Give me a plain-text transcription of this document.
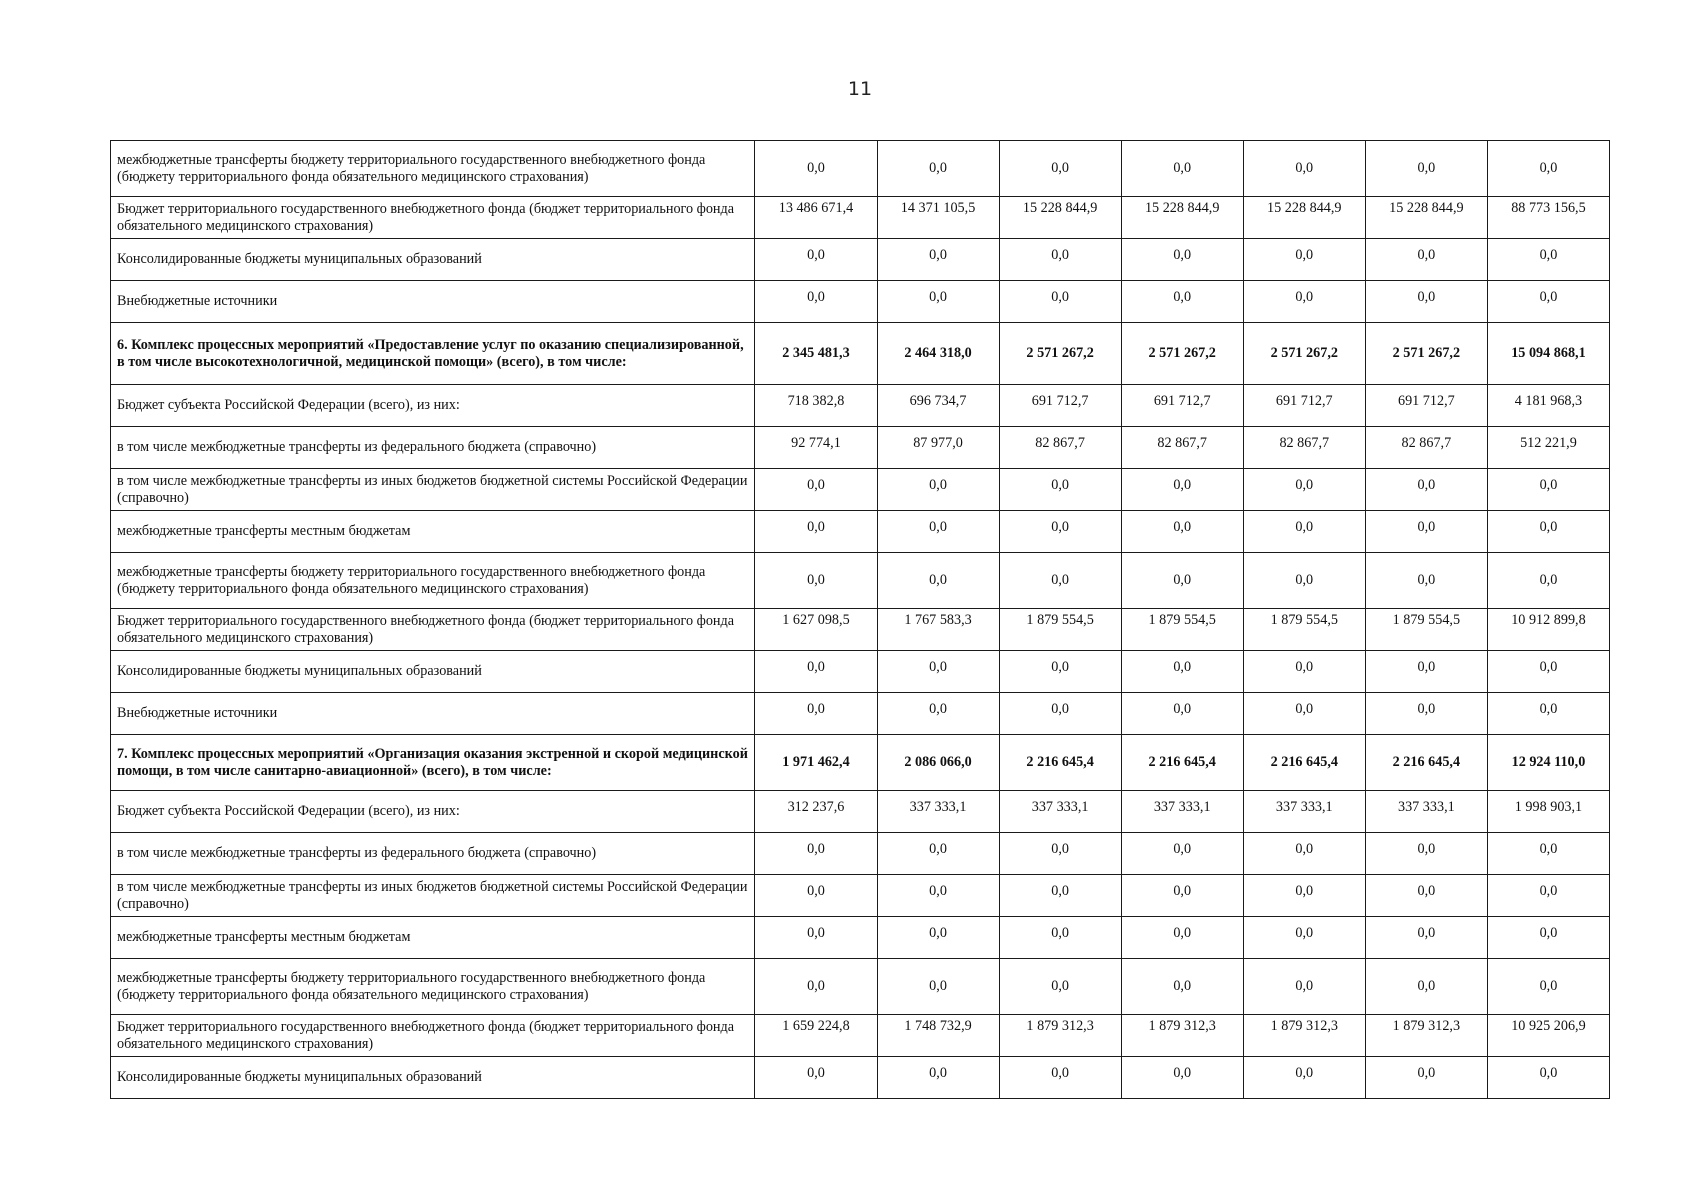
11
межбюджетные трансферты бюджету территориального государственного внебюджетного фонда (бюджету территориального фонда обязательного медицинского страхования)	0,0	0,0	0,0	0,0	0,0	0,0	0,0
Бюджет территориального государственного внебюджетного фонда (бюджет территориального фонда обязательного медицинского страхования)	13 486 671,4	14 371 105,5	15 228 844,9	15 228 844,9	15 228 844,9	15 228 844,9	88 773 156,5
Консолидированные бюджеты муниципальных образований	0,0	0,0	0,0	0,0	0,0	0,0	0,0
Внебюджетные источники	0,0	0,0	0,0	0,0	0,0	0,0	0,0
6. Комплекс процессных мероприятий «Предоставление услуг по оказанию специализированной, в том числе высокотехнологичной, медицинской помощи» (всего), в том числе:	2 345 481,3	2 464 318,0	2 571 267,2	2 571 267,2	2 571 267,2	2 571 267,2	15 094 868,1
Бюджет субъекта Российской Федерации (всего), из них:	718 382,8	696 734,7	691 712,7	691 712,7	691 712,7	691 712,7	4 181 968,3
в том числе межбюджетные трансферты из федерального бюджета (справочно)	92 774,1	87 977,0	82 867,7	82 867,7	82 867,7	82 867,7	512 221,9
в том числе межбюджетные трансферты из иных бюджетов бюджетной системы Российской Федерации (справочно)	0,0	0,0	0,0	0,0	0,0	0,0	0,0
межбюджетные трансферты местным бюджетам	0,0	0,0	0,0	0,0	0,0	0,0	0,0
межбюджетные трансферты бюджету территориального государственного внебюджетного фонда (бюджету территориального фонда обязательного медицинского страхования)	0,0	0,0	0,0	0,0	0,0	0,0	0,0
Бюджет территориального государственного внебюджетного фонда (бюджет территориального фонда обязательного медицинского страхования)	1 627 098,5	1 767 583,3	1 879 554,5	1 879 554,5	1 879 554,5	1 879 554,5	10 912 899,8
Консолидированные бюджеты муниципальных образований	0,0	0,0	0,0	0,0	0,0	0,0	0,0
Внебюджетные источники	0,0	0,0	0,0	0,0	0,0	0,0	0,0
7. Комплекс процессных мероприятий «Организация оказания экстренной и скорой медицинской помощи, в том числе санитарно-авиационной» (всего), в том числе:	1 971 462,4	2 086 066,0	2 216 645,4	2 216 645,4	2 216 645,4	2 216 645,4	12 924 110,0
Бюджет субъекта Российской Федерации (всего), из них:	312 237,6	337 333,1	337 333,1	337 333,1	337 333,1	337 333,1	1 998 903,1
в том числе межбюджетные трансферты из федерального бюджета (справочно)	0,0	0,0	0,0	0,0	0,0	0,0	0,0
в том числе межбюджетные трансферты из иных бюджетов бюджетной системы Российской Федерации (справочно)	0,0	0,0	0,0	0,0	0,0	0,0	0,0
межбюджетные трансферты местным бюджетам	0,0	0,0	0,0	0,0	0,0	0,0	0,0
межбюджетные трансферты бюджету территориального государственного внебюджетного фонда (бюджету территориального фонда обязательного медицинского страхования)	0,0	0,0	0,0	0,0	0,0	0,0	0,0
Бюджет территориального государственного внебюджетного фонда (бюджет территориального фонда обязательного медицинского страхования)	1 659 224,8	1 748 732,9	1 879 312,3	1 879 312,3	1 879 312,3	1 879 312,3	10 925 206,9
Консолидированные бюджеты муниципальных образований	0,0	0,0	0,0	0,0	0,0	0,0	0,0
